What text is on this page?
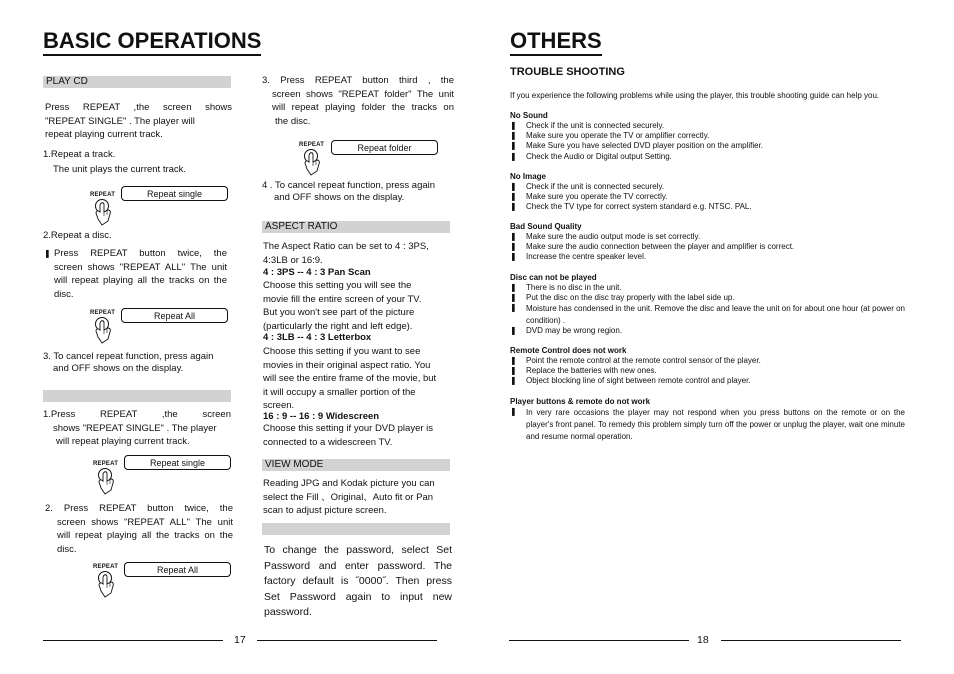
BASIC OPERATIONS
PLAY CD
Press REPEAT ,the screen shows
"REPEAT SINGLE" . The player will
repeat playing current track.
1.Repeat a track.
The unit plays the current track.
REPEAT	Repeat single
2.Repeat a disc.
❚ Press REPEAT button twice, the
screen shows "REPEAT ALL" The unit
will repeat playing all the tracks on the
disc.
REPEAT	Repeat All
3. To cancel repeat function, press again
and OFF shows on the display.
1.Press REPEAT ,the screen
shows "REPEAT SINGLE" . The player
will repeat playing current track.
REPEAT	Repeat single
2. Press REPEAT button twice, the
screen shows "REPEAT ALL" The unit
will repeat playing all the tracks on the
disc.
REPEAT	Repeat All
17
3. Press REPEAT button third , the
screen shows "REPEAT folder" The unit
will repeat playing folder the tracks on
the disc.
REPEAT	Repeat folder
4 . To cancel repeat function, press again
and OFF shows on the display.
ASPECT RATIO
The Aspect Ratio can be set to 4 : 3PS,
4:3LB or 16:9.
4 : 3PS -- 4 : 3 Pan Scan
Choose this setting you will see the
movie fill the entire screen of your TV.
But you won't see part of the picture
(particularly the right and left edge).
4 : 3LB -- 4 : 3 Letterbox
Choose this setting if you want to see
movies in their original aspect ratio. You
will see the entire frame of the movie, but
it will occupy a smaller portion of the
screen.
16 : 9 -- 16 : 9 Widescreen
Choose this setting if your DVD player is
connected to a widescreen TV.
VIEW MODE
Reading JPG and Kodak picture you can
select the Fill 、Original、Auto fit or Pan
scan to adjust picture screen.
To change the password, select Set
Password and enter password. The
factory default is ˝0000˝. Then press
Set Password again to input new
password.
OTHERS
TROUBLE SHOOTING
If you experience the following problems while using the player, this trouble shooting guide can help you.
No Sound
❚ Check if the unit is connected securely.
❚ Make sure you operate the TV or amplifier correctly.
❚ Make Sure you have selected DVD player position on the amplifier.
❚ Check the Audio or Digital output Setting.
No Image
❚ Check if the unit is connected securely.
❚ Make sure you operate the TV correctly.
❚ Check the TV type for correct system standard e.g. NTSC. PAL.
Bad Sound Quality
❚ Make sure the audio output mode is set correctly.
❚ Make sure the audio connection between the player and amplifier is correct.
❚ Increase the centre speaker level.
Disc can not be played
❚ There is no disc in the unit.
❚ Put the disc on the disc tray properly with the label side up.
❚ Moisture has condensed in the unit. Remove the disc and leave the unit on for about one hour (at power on condition) .
❚ DVD may be wrong region.
Remote Control does not work
❚ Point the remote control at the remote control sensor of the player.
❚ Replace the batteries with new ones.
❚ Object blocking line of sight between remote control and player.
Player buttons & remote do not work
❚ In very rare occasions the player may not respond when you press buttons on the remote or on the player's front panel. To remedy this problem simply turn off the power or unplug the player, wait one minute and resume normal operation.
18
